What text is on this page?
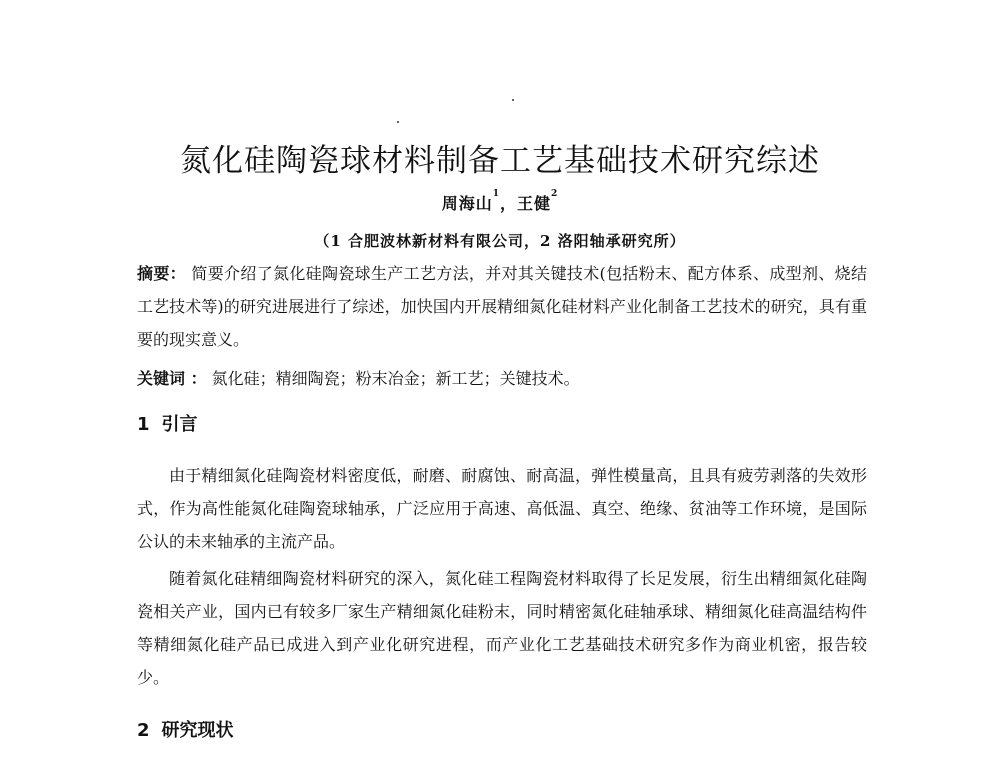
氮化硅陶瓷球材料制备工艺基础技术研究综述
周海山$^1$，王健$^2$
（1 合肥波林新材料有限公司，2 洛阳轴承研究所）
摘要： 简要介绍了氮化硅陶瓷球生产工艺方法，并对其关键技术(包括粉末、配方体系、成型剂、烧结工艺技术等)的研究进展进行了综述，加快国内开展精细氮化硅材料产业化制备工艺技术的研究，具有重要的现实意义。
关键词 ： 氮化硅；精细陶瓷；粉末冶金；新工艺；关键技术。
1 引言
由于精细氮化硅陶瓷材料密度低，耐磨、耐腐蚀、耐高温，弹性模量高，且具有疲劳剥落的失效形式，作为高性能氮化硅陶瓷球轴承，广泛应用于高速、高低温、真空、绝缘、贫油等工作环境，是国际公认的未来轴承的主流产品。
随着氮化硅精细陶瓷材料研究的深入，氮化硅工程陶瓷材料取得了长足发展，衍生出精细氮化硅陶瓷相关产业，国内已有较多厂家生产精细氮化硅粉末，同时精密氮化硅轴承球、精细氮化硅高温结构件等精细氮化硅产品已成进入到产业化研究进程，而产业化工艺基础技术研究多作为商业机密，报告较少。
2 研究现状
